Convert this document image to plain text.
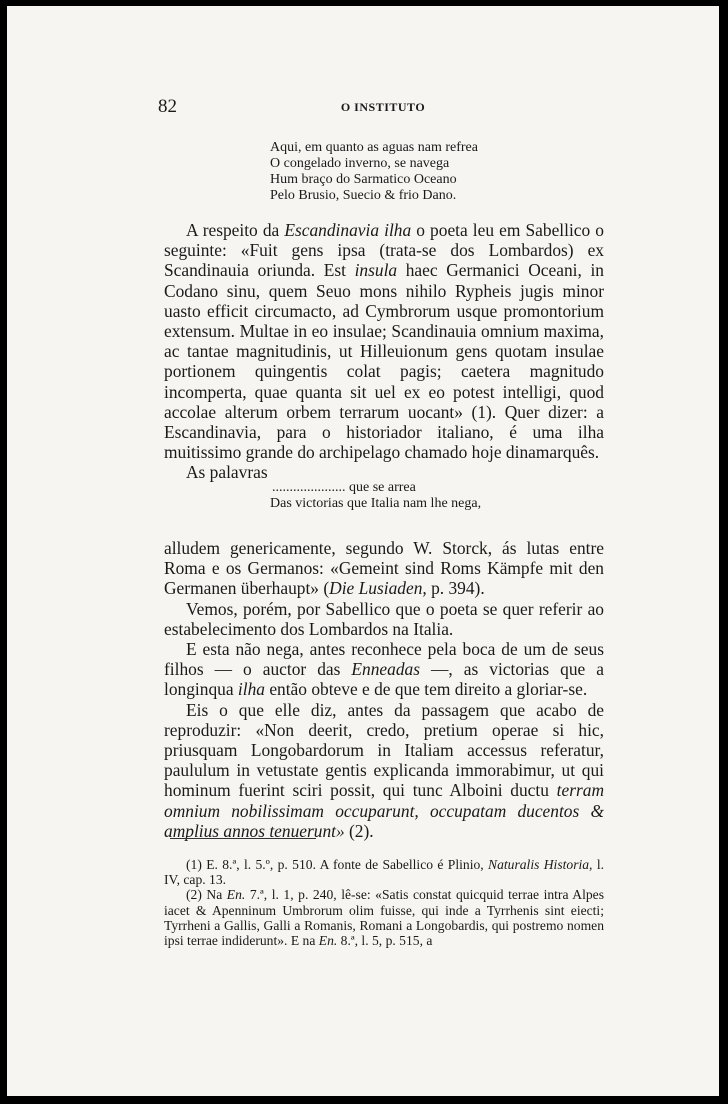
82	O INSTITUTO
Aqui, em quanto as aguas nam refrea
O congelado inverno, se navega
Hum braço do Sarmatico Oceano
Pelo Brusio, Suecio & frio Dano.

A respeito da Escandinavia ilha o poeta leu em Sabellico o seguinte: «Fuit gens ipsa (trata-se dos Lombardos) ex Scandinauia oriunda. Est insula haec Germanici Oceani, in Codano sinu, quem Seuo mons nihilo Rypheis jugis minor uasto efficit circumacto, ad Cymbrorum usque promontorium extensum. Multae in eo insulae; Scandinauia omnium maxima, ac tantae magnitudinis, ut Hilleuionum gens quotam insulae portionem quingentis colat pagis; caetera magnitudo incomperta, quae quanta sit uel ex eo potest intelligi, quod accolae alterum orbem terrarum uocant» (1). Quer dizer: a Escandinavia, para o historiador italiano, é uma ilha muitissimo grande do archipelago chamado hoje dinamarquês.

As palavras

..................... que se arrea
Das victorias que Italia nam lhe nega,

alludem genericamente, segundo W. Storck, ás lutas entre Roma e os Germanos: «Gemeint sind Roms Kämpfe mit den Germanen überhaupt» (Die Lusiaden, p. 394).

Vemos, porém, por Sabellico que o poeta se quer referir ao estabelecimento dos Lombardos na Italia.

E esta não nega, antes reconhece pela boca de um de seus filhos — o auctor das Enneadas —, as victorias que a longinqua ilha então obteve e de que tem direito a gloriar-se.

Eis o que elle diz, antes da passagem que acabo de reproduzir: «Non deerit, credo, pretium operae si hic, priusquam Longobardorum in Italiam accessus referatur, paululum in vetustate gentis explicanda immorabimur, ut qui hominum fuerint sciri possit, qui tunc Alboini ductu terram omnium nobilissimam occuparunt, occupatam ducentos & amplius annos tenuerunt» (2).

(1) E. 8.ª, l. 5.º, p. 510. A fonte de Sabellico é Plinio, Naturalis Historia, l. IV, cap. 13.

(2) Na En. 7.ª, l. 1, p. 240, lê-se: «Satis constat quicquid terrae intra Alpes iacet & Apenninum Umbrorum olim fuisse, qui inde a Tyrrhenis sint eiecti; Tyrrheni a Gallis, Galli a Romanis, Romani a Longobardis, qui postremo nomen ipsi terrae indiderunt». E na En. 8.ª, l. 5, p. 515, a
